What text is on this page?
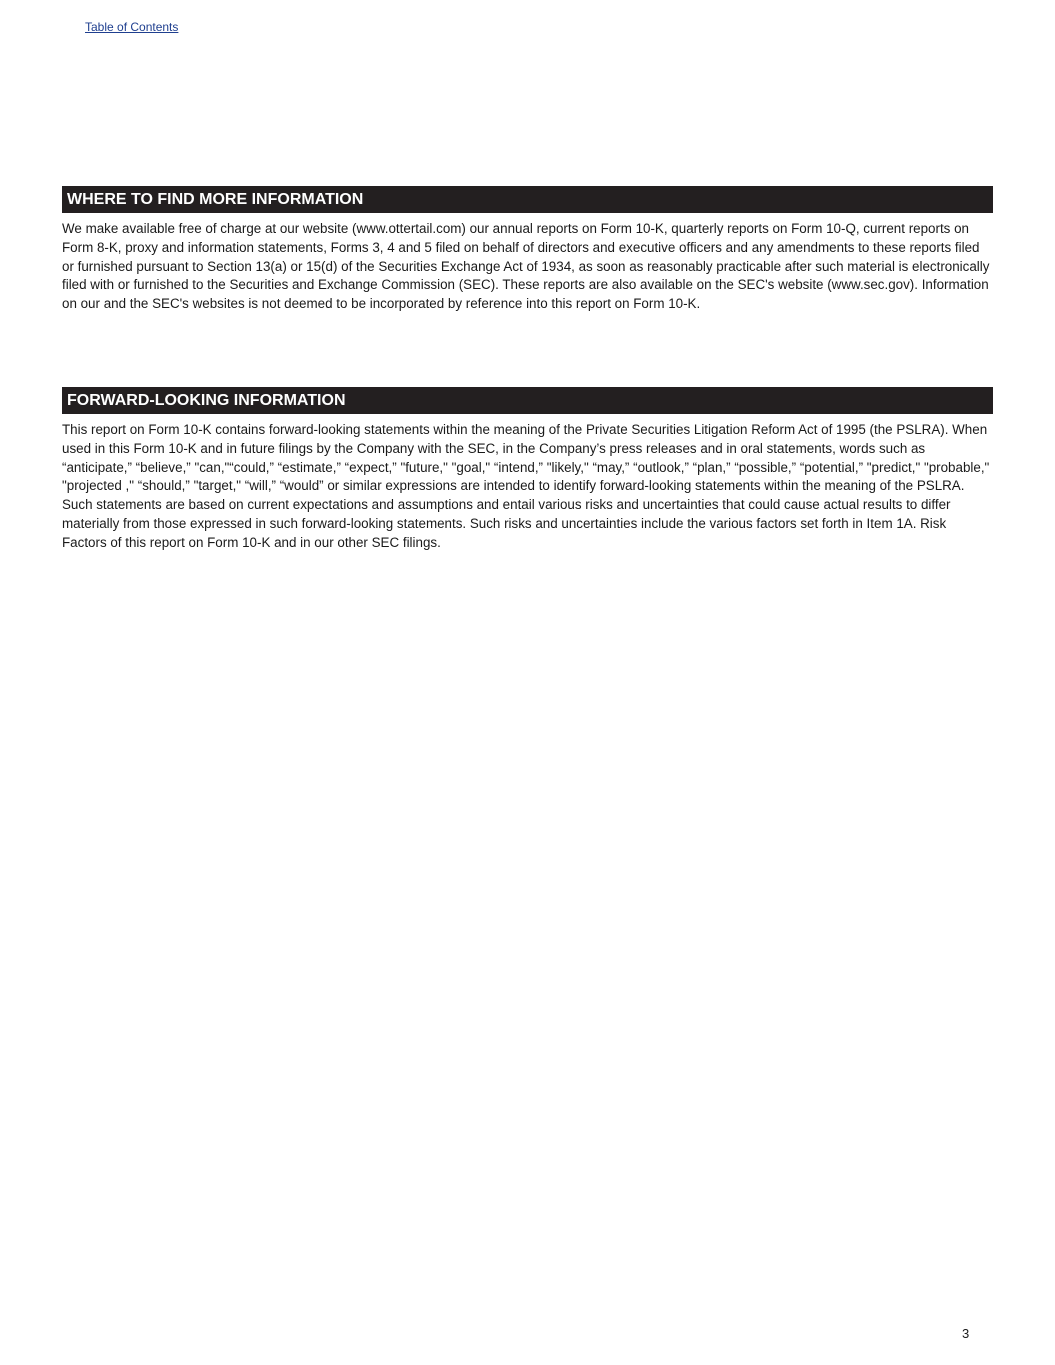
Table of Contents
WHERE TO FIND MORE INFORMATION
We make available free of charge at our website (www.ottertail.com) our annual reports on Form 10-K, quarterly reports on Form 10-Q, current reports on Form 8-K, proxy and information statements, Forms 3, 4 and 5 filed on behalf of directors and executive officers and any amendments to these reports filed or furnished pursuant to Section 13(a) or 15(d) of the Securities Exchange Act of 1934, as soon as reasonably practicable after such material is electronically filed with or furnished to the Securities and Exchange Commission (SEC). These reports are also available on the SEC's website (www.sec.gov). Information on our and the SEC's websites is not deemed to be incorporated by reference into this report on Form 10-K.
FORWARD-LOOKING INFORMATION
This report on Form 10-K contains forward-looking statements within the meaning of the Private Securities Litigation Reform Act of 1995 (the PSLRA). When used in this Form 10-K and in future filings by the Company with the SEC, in the Company’s press releases and in oral statements, words such as “anticipate,” “believe,” "can,"“could,” “estimate,” “expect,” "future," "goal," “intend,” "likely," “may,” “outlook,” “plan,” “possible,” “potential,” "predict," "probable," "projected ," “should,” "target," “will,” “would” or similar expressions are intended to identify forward-looking statements within the meaning of the PSLRA. Such statements are based on current expectations and assumptions and entail various risks and uncertainties that could cause actual results to differ materially from those expressed in such forward-looking statements. Such risks and uncertainties include the various factors set forth in Item 1A. Risk Factors of this report on Form 10-K and in our other SEC filings.
3
